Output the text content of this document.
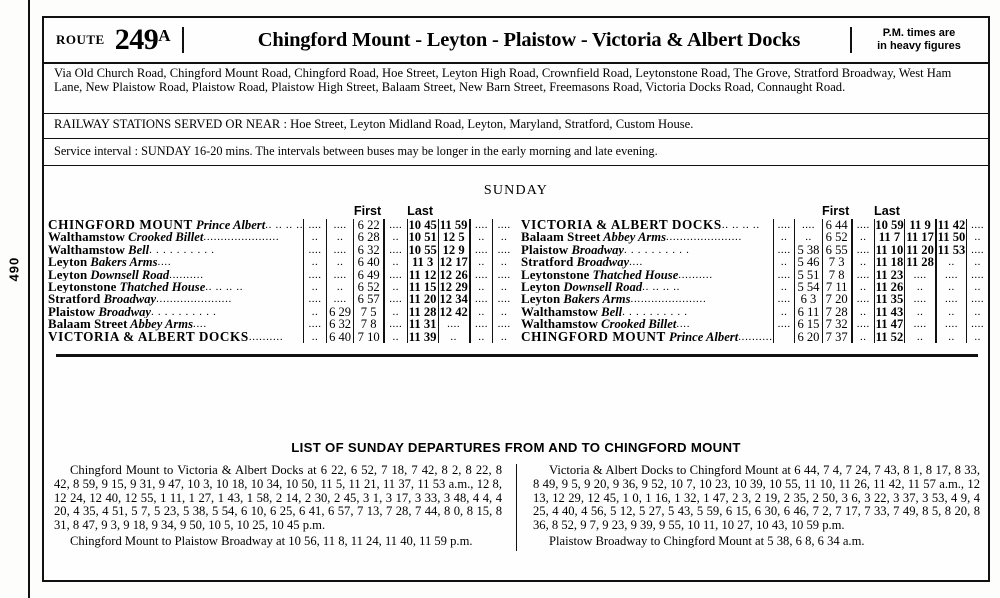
490
ROUTE $249^A$	Chingford Mount - Leyton - Plaistow - Victoria & Albert Docks	P.M. times are
in heavy figures
Via Old Church Road, Chingford Mount Road, Chingford Road, Hoe Street, Leyton High Road, Crownfield Road, Leytonstone Road, The Grove, Stratford Broadway, West Ham Lane, New Plaistow Road, Plaistow Road, Plaistow High Street, Balaam Street, New Barn Street, Freemasons Road, Victoria Docks Road, Connaught Road.
RAILWAY STATIONS SERVED OR NEAR : Hoe Street, Leyton Midland Road, Leyton, Maryland, Stratford, Custom House.
Service interval : SUNDAY 16-20 mins. The intervals between buses may be longer in the early morning and late evening.
SUNDAY
			First		Last			
CHINGFORD MOUNT Prince Albert.. .. .. ..	....	....	6 22	....	10 45	11 59	....	....
Walthamstow Crooked Billet......................	..	..	6 28	..	10 51	12 5	..	..
Walthamstow Bell. . . . . . . . . .	....	....	6 32	....	10 55	12 9	....	....
Leyton Bakers Arms....	..	..	6 40	..	11 3	12 17	..	..
Leyton Downsell Road..........	....	....	6 49	....	11 12	12 26	....	....
Leytonstone Thatched House.. .. .. ..	..	..	6 52	..	11 15	12 29	..	..
Stratford Broadway......................	....	....	6 57	....	11 20	12 34	....	....
Plaistow Broadway. . . . . . . . . .	..	6 29	7 5	..	11 28	12 42	..	..
Balaam Street Abbey Arms....	....	6 32	7 8	....	11 31	....	....	....
VICTORIA & ALBERT DOCKS..........	..	6 40	7 10	..	11 39	..	..	..
			First		Last			
VICTORIA & ALBERT DOCKS.. .. .. ..	....	....	6 44	....	10 59	11 9	11 42	....
Balaam Street Abbey Arms......................	..	..	6 52	..	11 7	11 17	11 50	..
Plaistow Broadway. . . . . . . . . .	....	5 38	6 55	....	11 10	11 20	11 53	....
Stratford Broadway....	..	5 46	7 3	..	11 18	11 28	..	..
Leytonstone Thatched House..........	....	5 51	7 8	....	11 23	....	....	....
Leyton Downsell Road.. .. .. ..	..	5 54	7 11	..	11 26	..	..	..
Leyton Bakers Arms......................	....	6 3	7 20	....	11 35	....	....	....
Walthamstow Bell. . . . . . . . . .	..	6 11	7 28	..	11 43	..	..	..
Walthamstow Crooked Billet....	....	6 15	7 32	....	11 47	....	....	....
CHINGFORD MOUNT Prince Albert..........		6 20	7 37	..	11 52	..	..	..
LIST OF SUNDAY DEPARTURES FROM AND TO CHINGFORD MOUNT

Chingford Mount to Victoria & Albert Docks at 6 22, 6 52, 7 18, 7 42, 8 2, 8 22, 8 42, 8 59, 9 15, 9 31, 9 47, 10 3, 10 18, 10 34, 10 50, 11 5, 11 21, 11 37, 11 53 a.m., 12 8, 12 24, 12 40, 12 55, 1 11, 1 27, 1 43, 1 58, 2 14, 2 30, 2 45, 3 1, 3 17, 3 33, 3 48, 4 4, 4 20, 4 35, 4 51, 5 7, 5 23, 5 38, 5 54, 6 10, 6 25, 6 41, 6 57, 7 13, 7 28, 7 44, 8 0, 8 15, 8 31, 8 47, 9 3, 9 18, 9 34, 9 50, 10 5, 10 25, 10 45 p.m.

Chingford Mount to Plaistow Broadway at 10 56, 11 8, 11 24, 11 40, 11 59 p.m.

Victoria & Albert Docks to Chingford Mount at 6 44, 7 4, 7 24, 7 43, 8 1, 8 17, 8 33, 8 49, 9 5, 9 20, 9 36, 9 52, 10 7, 10 23, 10 39, 10 55, 11 10, 11 26, 11 42, 11 57 a.m., 12 13, 12 29, 12 45, 1 0, 1 16, 1 32, 1 47, 2 3, 2 19, 2 35, 2 50, 3 6, 3 22, 3 37, 3 53, 4 9, 4 25, 4 40, 4 56, 5 12, 5 27, 5 43, 5 59, 6 15, 6 30, 6 46, 7 2, 7 17, 7 33, 7 49, 8 5, 8 20, 8 36, 8 52, 9 7, 9 23, 9 39, 9 55, 10 11, 10 27, 10 43, 10 59 p.m.

Plaistow Broadway to Chingford Mount at 5 38, 6 8, 6 34 a.m.
